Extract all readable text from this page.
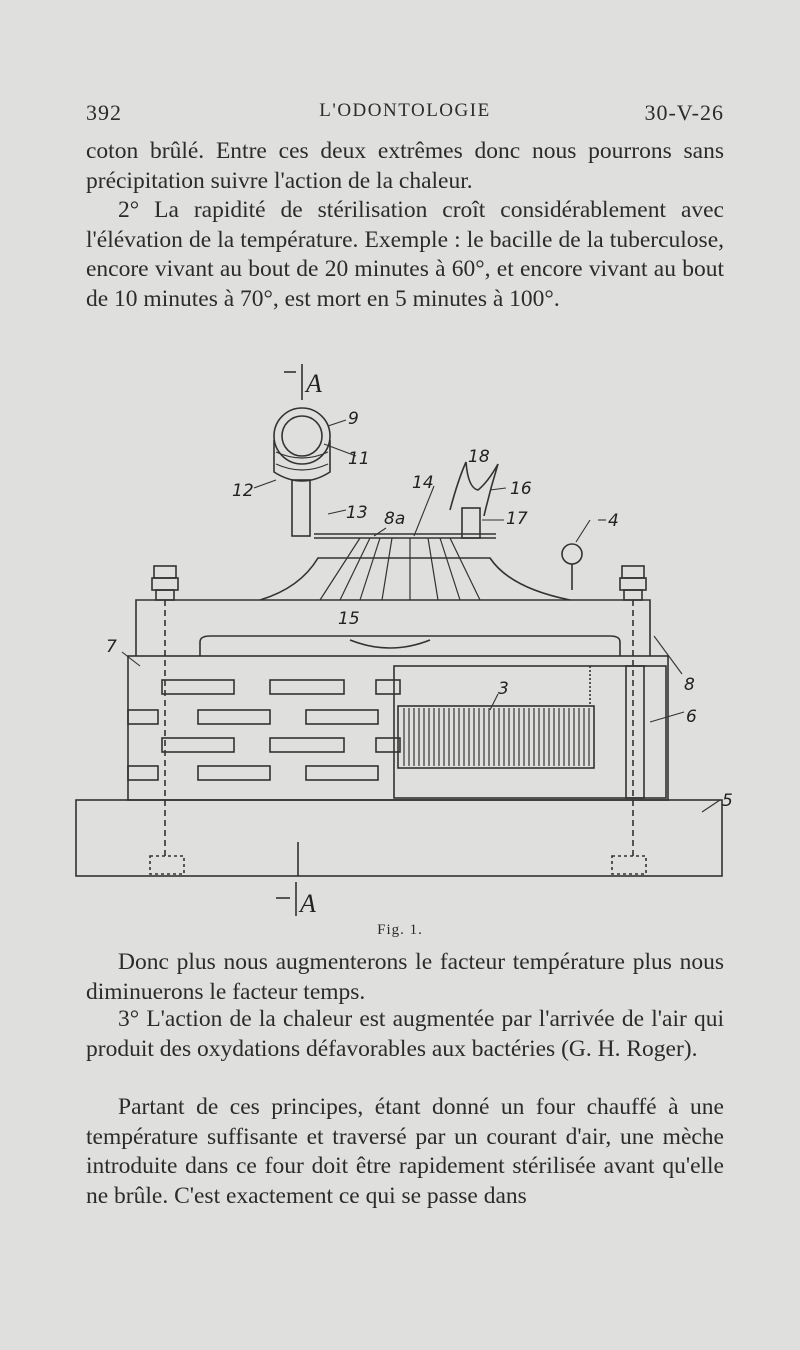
392	L'ODONTOLOGIE	30-V-26

coton brûlé. Entre ces deux extrêmes donc nous pourrons sans précipitation suivre l'action de la chaleur.

2° La rapidité de stérilisation croît considérablement avec l'élévation de la température. Exemple : le bacille de la tuberculose, encore vivant au bout de 20 minutes à 60°, et encore vivant au bout de 10 minutes à 70°, est mort en 5 minutes à 100°.

A
A
9
11
12
18
14	16
13 8a	17	4
15
7
3	8
6
5
Fig. 1.

Donc plus nous augmenterons le facteur température plus nous diminuerons le facteur temps.

3° L'action de la chaleur est augmentée par l'arrivée de l'air qui produit des oxydations défavorables aux bactéries (G. H. Roger).

Partant de ces principes, étant donné un four chauffé à une température suffisante et traversé par un courant d'air, une mèche introduite dans ce four doit être rapidement stérilisée avant qu'elle ne brûle. C'est exactement ce qui se passe dans
